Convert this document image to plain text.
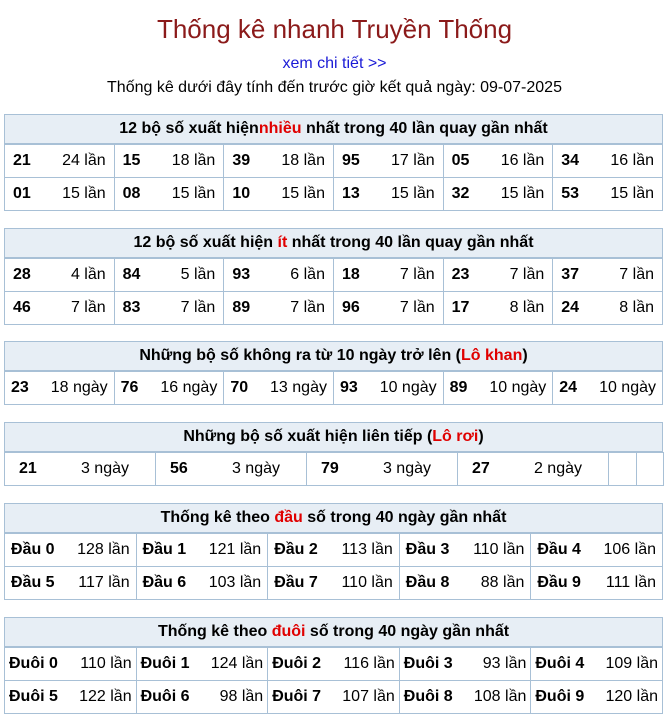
Thống kê nhanh Truyền Thống
xem chi tiết >>
Thống kê dưới đây tính đến trước giờ kết quả ngày: 09-07-2025
12 bộ số xuất hiện nhiều nhất trong 40 lần quay gần nhất
21 24 lần	15 18 lần	39 18 lần	95 17 lần	05 16 lần	34 16 lần

01 15 lần	08 15 lần	10 15 lần	13 15 lần	32 15 lần	53 15 lần
12 bộ số xuất hiện ít nhất trong 40 lần quay gần nhất
28 4 lần	84 5 lần	93 6 lần	18 7 lần	23 7 lần	37 7 lần

46 7 lần	83 7 lần	89 7 lần	96 7 lần	17 8 lần	24 8 lần
Những bộ số không ra từ 10 ngày trở lên ( Lô khan )
23 18 ngày	76 16 ngày	70 13 ngày	93 10 ngày	89 10 ngày	24 10 ngày
Những bộ số xuất hiện liên tiếp ( Lô rơi )
21	3 ngày	56	3 ngày	79	3 ngày	27	2 ngày

Thống kê theo đầu số trong 40 ngày gần nhất
Đầu 0 128 lần	Đầu 1 121 lần	Đầu 2 113 lần	Đầu 3 110 lần	Đầu 4 106 lần

Đầu 5 117 lần	Đầu 6 103 lần	Đầu 7 110 lần	Đầu 8 88 lần	Đầu 9 111 lần
Thống kê theo đuôi số trong 40 ngày gần nhất
Đuôi 0 110 lần	Đuôi 1 124 lần	Đuôi 2 116 lần	Đuôi 3 93 lần	Đuôi 4 109 lần

Đuôi 5 122 lần	Đuôi 6 98 lần	Đuôi 7 107 lần	Đuôi 8 108 lần	Đuôi 9 120 lần
